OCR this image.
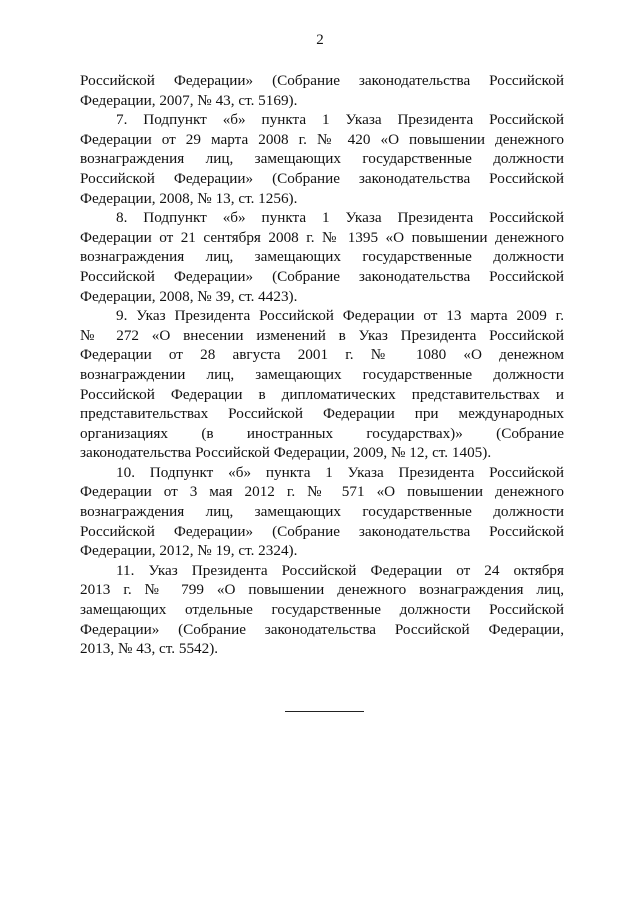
2
Российской Федерации» (Собрание законодательства Российской
Федерации, 2007, № 43, ст. 5169).
7. Подпункт «б» пункта 1 Указа Президента Российской
Федерации от 29 марта 2008 г. № 420 «О повышении денежного
вознаграждения лиц, замещающих государственные должности
Российской Федерации» (Собрание законодательства Российской
Федерации, 2008, № 13, ст. 1256).
8. Подпункт «б» пункта 1 Указа Президента Российской
Федерации от 21 сентября 2008 г. № 1395 «О повышении денежного
вознаграждения лиц, замещающих государственные должности
Российской Федерации» (Собрание законодательства Российской
Федерации, 2008, № 39, ст. 4423).
9. Указ Президента Российской Федерации от 13 марта 2009 г.
№ 272 «О внесении изменений в Указ Президента Российской
Федерации от 28 августа 2001 г. № 1080 «О денежном
вознаграждении лиц, замещающих государственные должности
Российской Федерации в дипломатических представительствах и
представительствах Российской Федерации при международных
организациях (в иностранных государствах)» (Собрание
законодательства Российской Федерации, 2009, № 12, ст. 1405).
10. Подпункт «б» пункта 1 Указа Президента Российской
Федерации от 3 мая 2012 г. № 571 «О повышении денежного
вознаграждения лиц, замещающих государственные должности
Российской Федерации» (Собрание законодательства Российской
Федерации, 2012, № 19, ст. 2324).
11. Указ Президента Российской Федерации от 24 октября
2013 г. № 799 «О повышении денежного вознаграждения лиц,
замещающих отдельные государственные должности Российской
Федерации» (Собрание законодательства Российской Федерации,
2013, № 43, ст. 5542).
